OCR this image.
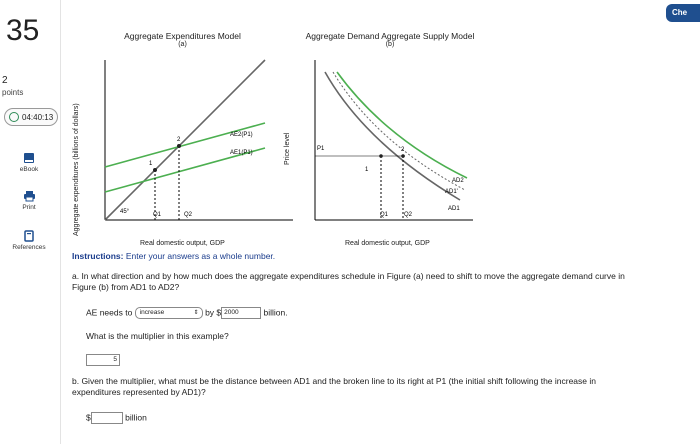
35
2
points
04:40:13
eBook
Print
References
Che
Aggregate Expenditures Model
(a)
Aggregate expenditures (billions of dollars)	1
2
45°	Q1	Q2
AE2(P1)
AE1(P1)
Real domestic output, GDP
Aggregate Demand Aggregate Supply Model
(b)
Price level	P1
1
2
Q1	Q2
AD2
AD1'
AD1
Real domestic output, GDP
Instructions: Enter your answers as a whole number.
a. In what direction and by how much does the aggregate expenditures schedule in Figure (a) need to shift to move the aggregate demand curve in Figure (b) from AD1 to AD2?
AE needs to increase	⇕ by $ 2000	billion.
What is the multiplier in this example?
5
b. Given the multiplier, what must be the distance between AD1 and the broken line to its right at P1 (the initial shift following the increase in expenditures represented by AD1)?
$	billion
